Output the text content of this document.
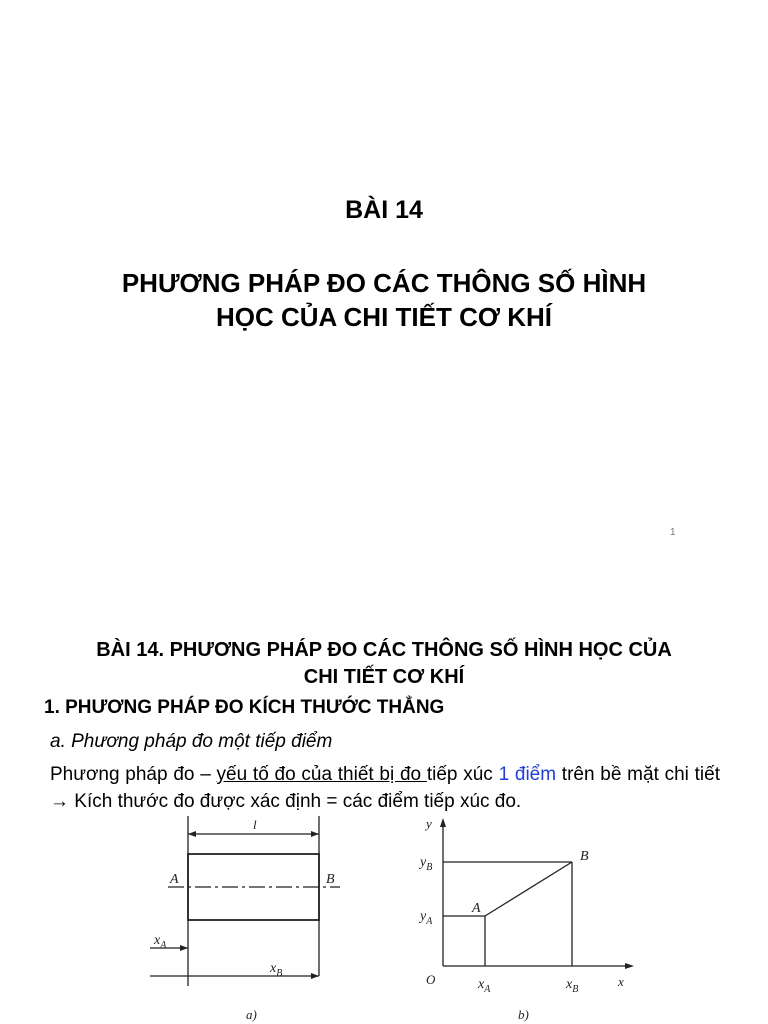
BÀI 14
PHƯƠNG PHÁP ĐO CÁC THÔNG SỐ HÌNH
HỌC CỦA CHI TIẾT CƠ KHÍ
1
BÀI 14. PHƯƠNG PHÁP ĐO CÁC THÔNG SỐ HÌNH HỌC CỦA
CHI TIẾT CƠ KHÍ
1. PHƯƠNG PHÁP ĐO KÍCH THƯỚC THẲNG
a. Phương pháp đo một tiếp điểm
Phương pháp đo – yếu tố đo của thiết bị đo tiếp xúc 1 điểm trên bề mặt chi tiết → Kích thước đo được xác định = các điểm tiếp xúc đo.
l
A	B
$x_A$
$x_B$
a)
y
$y_B$
$y_A$
A
B
O	$x_A$	$x_B$
x
b)
